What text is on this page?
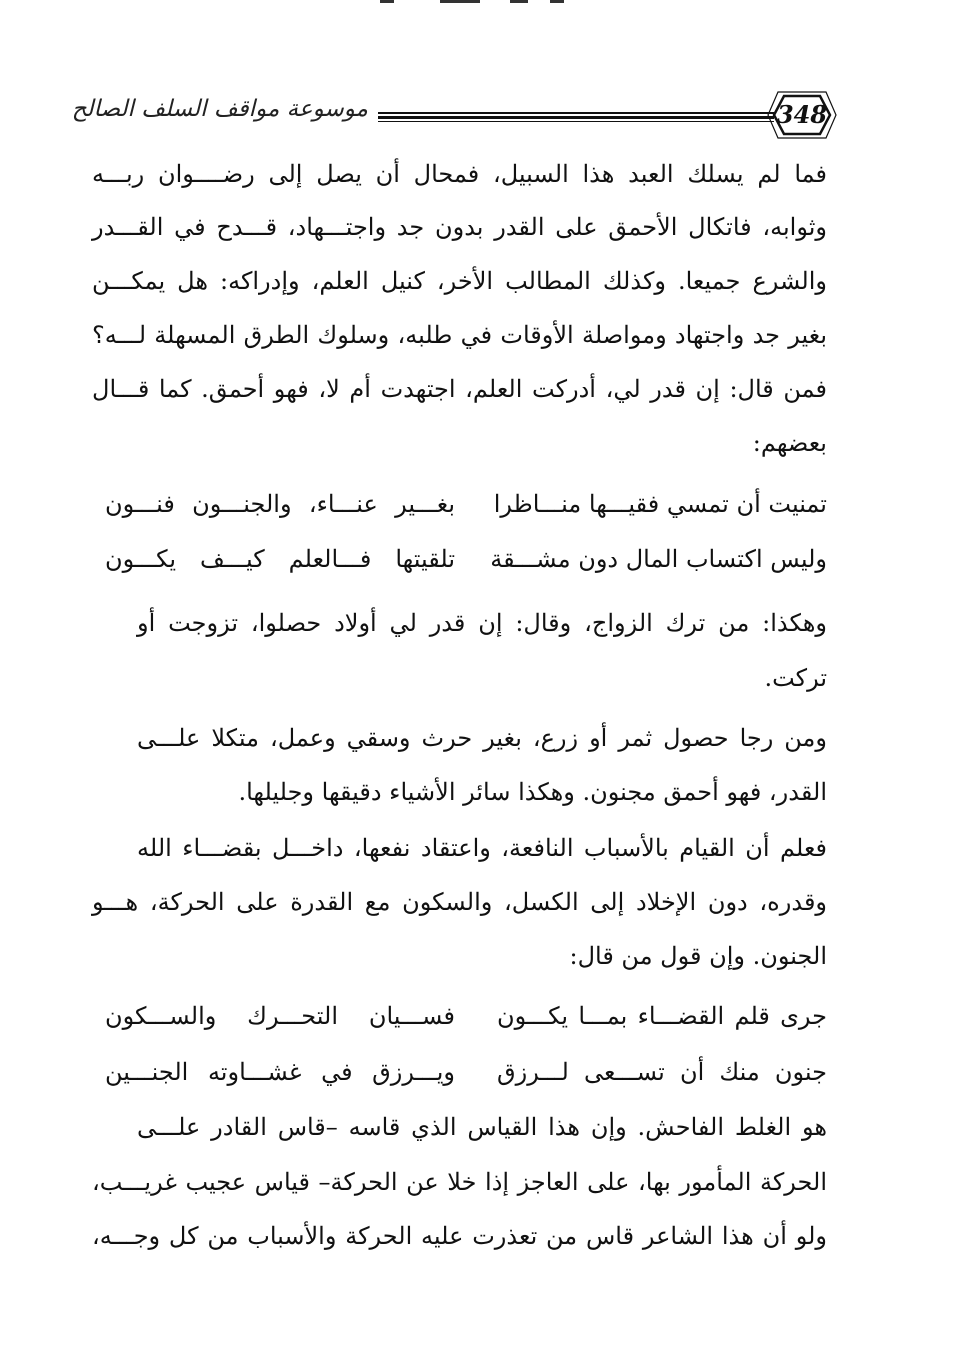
موسوعة مواقف السلف الصالح	348
فما لم يسلك العبد هذا السبيل، فمحال أن يصل إلى رضــــوان ربـــه
وثوابه، فاتكال الأحمق على القدر بدون جد واجتـــهاد، قـــدح في القـــدر
والشرع جميعا. وكذلك المطالب الأخر، كنيل العلم، وإدراكه: هل يمكـــن
بغير جد واجتهاد ومواصلة الأوقات في طلبه، وسلوك الطرق المسهلة لـــه؟
فمن قال: إن قدر لي، أدركت العلم، اجتهدت أم لا، فهو أحمق. كما قـــال
بعضهم:
تمنيت أن تمسي فقيـــها منـــاظرا
بغـــير عنـــاء، والجنـــون فنـــون
وليس اكتساب المال دون مشـــقة
تلقيتها فـــالعلم كيـــف يكـــون
وهكذا: من ترك الزواج، وقال: إن قدر لي أولاد حصلوا، تزوجت أو
تركت.
ومن رجا حصول ثمر أو زرع، بغير حرث وسقي وعمل، متكلا علـــى
القدر، فهو أحمق مجنون. وهكذا سائر الأشياء دقيقها وجليلها.
فعلم أن القيام بالأسباب النافعة، واعتقاد نفعها، داخـــل بقضـــاء الله
وقدره، دون الإخلاد إلى الكسل، والسكون مع القدرة على الحركة، هـــو
الجنون. وإن قول من قال:
جرى قلم القضـــاء بمـــا يكـــون
فســـيان التحـــرك والســـكون
جنون منك أن تســـعى لـــرزق
ويـــرزق في غشـــاوته الجنـــين
هو الغلط الفاحش. وإن هذا القياس الذي قاسه –قاس القادر علـــى
الحركة المأمور بها، على العاجز إذا خلا عن الحركة– قياس عجيب غريـــب،
ولو أن هذا الشاعر قاس من تعذرت عليه الحركة والأسباب من كل وجـــه،
